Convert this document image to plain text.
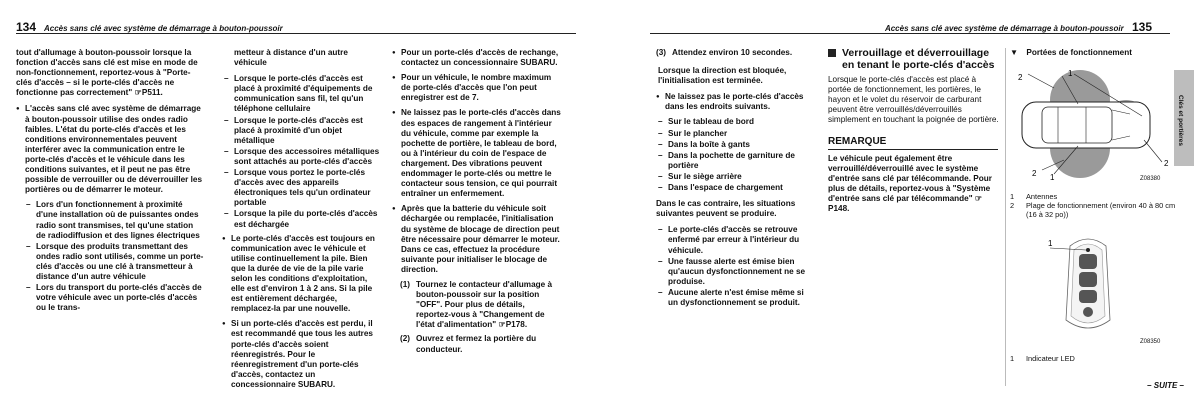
134 Accès sans clé avec système de démarrage à bouton-poussoir

tout d'allumage à bouton-poussoir lorsque la fonction d'accès sans clé est mise en mode de non-fonctionnement, reportez-vous à "Porte-clés d'accès – si le porte-clés d'accès ne fonctionne pas correctement" ☞P511.

● L'accès sans clé avec système de démarrage à bouton-poussoir utilise des ondes radio faibles. L'état du porte-clés d'accès et les conditions environnementales peuvent interférer avec la communication entre le porte-clés d'accès et le véhicule dans les conditions suivantes, et il peut ne pas être possible de verrouiller ou de déverrouiller les portières ou de démarrer le moteur.
– Lors d'un fonctionnement à proximité d'une installation où de puissantes ondes radio sont transmises, tel qu'une station de radiodiffusion et des lignes électriques
– Lorsque des produits transmettant des ondes radio sont utilisés, comme un porte-clés d'accès ou une clé à transmetteur à distance d'un autre véhicule
– Lors du transport du porte-clés d'accès de votre véhicule avec un porte-clés d'accès ou le trans-

metteur à distance d'un autre véhicule

– Lorsque le porte-clés d'accès est placé à proximité d'équipements de communication sans fil, tel qu'un téléphone cellulaire
– Lorsque le porte-clés d'accès est placé à proximité d'un objet métallique
– Lorsque des accessoires métalliques sont attachés au porte-clés d'accès
– Lorsque vous portez le porte-clés d'accès avec des appareils électroniques tels qu'un ordinateur portable
– Lorsque la pile du porte-clés d'accès est déchargée
● Le porte-clés d'accès est toujours en communication avec le véhicule et utilise continuellement la pile. Bien que la durée de vie de la pile varie selon les conditions d'exploitation, elle est d'environ 1 à 2 ans. Si la pile est entièrement déchargée, remplacez-la par une nouvelle.
● Si un porte-clés d'accès est perdu, il est recommandé que tous les autres porte-clés d'accès soient réenregistrés. Pour le réenregistrement d'un porte-clés d'accès, contactez un concessionnaire SUBARU.
● Pour un porte-clés d'accès de rechange, contactez un concessionnaire SUBARU.
● Pour un véhicule, le nombre maximum de porte-clés d'accès que l'on peut enregistrer est de 7.
● Ne laissez pas le porte-clés d'accès dans des espaces de rangement à l'intérieur du véhicule, comme par exemple la pochette de portière, le tableau de bord, ou à l'intérieur du coin de l'espace de chargement. Des vibrations peuvent endommager le porte-clés ou mettre le contacteur sous tension, ce qui pourrait entraîner un enfermement.
● Après que la batterie du véhicule soit déchargée ou remplacée, l'initialisation du système de blocage de direction peut être nécessaire pour démarrer le moteur. Dans ce cas, effectuez la procédure suivante pour initialiser le blocage de direction.
(1) Tournez le contacteur d'allumage à bouton-poussoir sur la position "OFF". Pour plus de détails, reportez-vous à "Changement de l'état d'alimentation" ☞P178.
(2) Ouvrez et fermez la portière du conducteur.
Accès sans clé avec système de démarrage à bouton-poussoir 135
(3) Attendez environ 10 secondes.

Lorsque la direction est bloquée, l'initialisation est terminée.

● Ne laissez pas le porte-clés d'accès dans les endroits suivants.
– Sur le tableau de bord
– Sur le plancher
– Dans la boîte à gants
– Dans la pochette de garniture de portière
– Sur le siège arrière
– Dans l'espace de chargement

Dans le cas contraire, les situations suivantes peuvent se produire.

– Le porte-clés d'accès se retrouve enfermé par erreur à l'intérieur du véhicule.
– Une fausse alerte est émise bien qu'aucun dysfonctionnement ne se produise.
– Aucune alerte n'est émise même si un dysfonctionnement se produit.
Verrouillage et déverrouillage en tenant le porte-clés d'accès

Lorsque le porte-clés d'accès est placé à portée de fonctionnement, les portières, le hayon et le volet du réservoir de carburant peuvent être verrouillés/déverrouillés simplement en touchant la poignée de portière.

REMARQUE

Le véhicule peut également être verrouillé/déverrouillé avec le système d'entrée sans clé par télécommande. Pour plus de détails, reportez-vous à "Système d'entrée sans clé par télécommande" ☞P148.

▼ Portées de fonctionnement
2	1
2
2 1	Z08380
1 Antennes
2 Plage de fonctionnement (environ 40 à 80 cm (16 à 32 po))
1
Z08350
1 Indicateur LED
Clés et portières
– SUITE –
